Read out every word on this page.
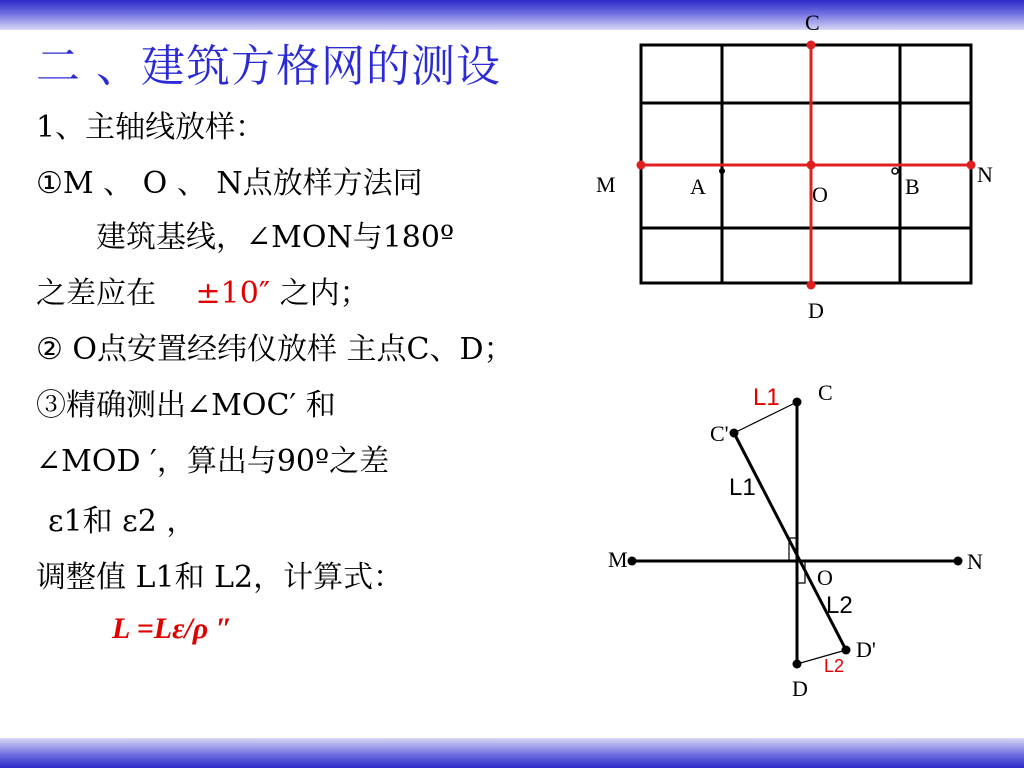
二 、建筑方格网的测设
1、主轴线放样：
①M 、 O 、 N点放样方法同
建筑基线，∠MON与180º
之差应在 ±10″ 之内；
② O点安置经纬仪放样 主点C、D；
③精确测出∠MOC′ 和
∠MOD ′，算出与90º之差
ε1和 ε2 ，
调整值 L1和 L2，计算式：
L =Lε/ρ ″
C
D
M	N
A	B
O
L1 C
C'
L1
M	N
O
L2
D'
L2
D
